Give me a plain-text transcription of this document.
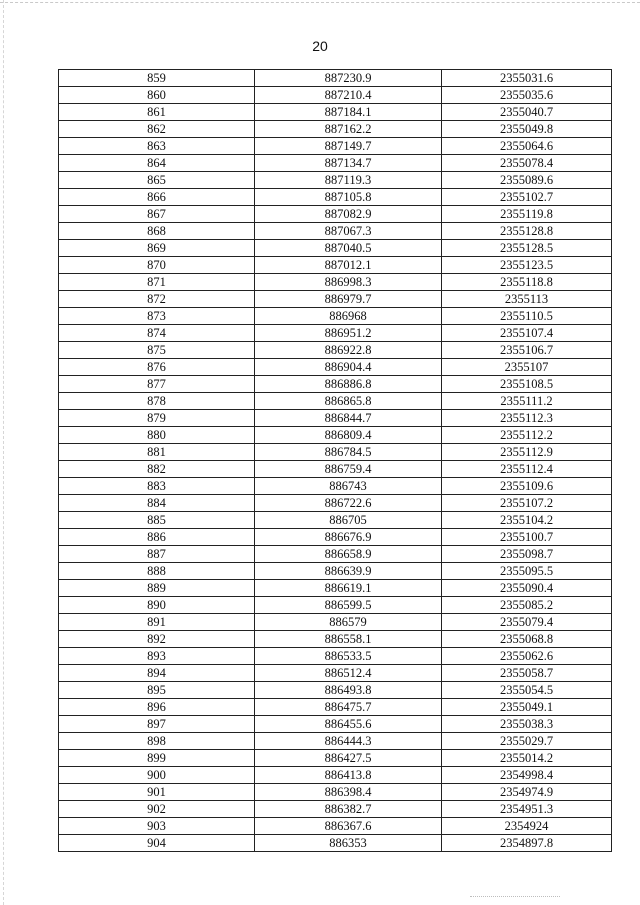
20
859	887230.9	2355031.6
860	887210.4	2355035.6
861	887184.1	2355040.7
862	887162.2	2355049.8
863	887149.7	2355064.6
864	887134.7	2355078.4
865	887119.3	2355089.6
866	887105.8	2355102.7
867	887082.9	2355119.8
868	887067.3	2355128.8
869	887040.5	2355128.5
870	887012.1	2355123.5
871	886998.3	2355118.8
872	886979.7	2355113
873	886968	2355110.5
874	886951.2	2355107.4
875	886922.8	2355106.7
876	886904.4	2355107
877	886886.8	2355108.5
878	886865.8	2355111.2
879	886844.7	2355112.3
880	886809.4	2355112.2
881	886784.5	2355112.9
882	886759.4	2355112.4
883	886743	2355109.6
884	886722.6	2355107.2
885	886705	2355104.2
886	886676.9	2355100.7
887	886658.9	2355098.7
888	886639.9	2355095.5
889	886619.1	2355090.4
890	886599.5	2355085.2
891	886579	2355079.4
892	886558.1	2355068.8
893	886533.5	2355062.6
894	886512.4	2355058.7
895	886493.8	2355054.5
896	886475.7	2355049.1
897	886455.6	2355038.3
898	886444.3	2355029.7
899	886427.5	2355014.2
900	886413.8	2354998.4
901	886398.4	2354974.9
902	886382.7	2354951.3
903	886367.6	2354924
904	886353	2354897.8
